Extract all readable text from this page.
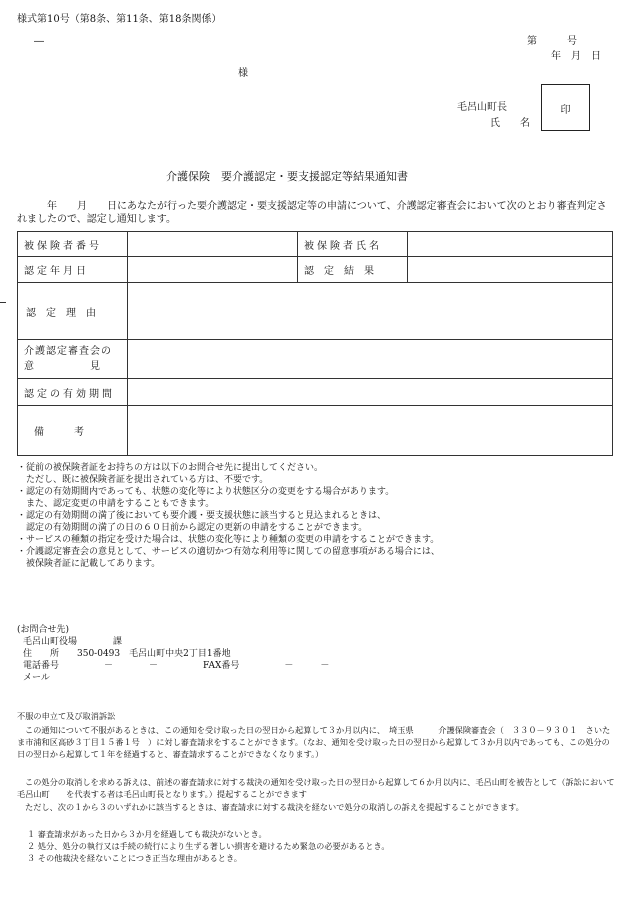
様式第10号（第8条、第11条、第18条関係）
―	第　　　号
年　月　日
様
毛呂山町長
氏　　名
印
介護保険　要介護認定・要支援認定等結果通知書
年　　月　　日にあなたが行った要介護認定・要支援認定等の申請について、介護認定審査会において次のとおり審査判定されましたので、認定し通知します。
被保険者番号		被保険者氏名	
認定年月日		認　定　結　果	
認　定　理　由			

介護認定審査会の
意　　　　　見			

認定の有効期間			
備　　　考			
・従前の被保険者証をお持ちの方は以下のお問合せ先に提出してください。
　ただし、既に被保険者証を提出されている方は、不要です。
・認定の有効期間内であっても、状態の変化等により状態区分の変更をする場合があります。
　また、認定変更の申請をすることもできます。
・認定の有効期間の満了後においても要介護・要支援状態に該当すると見込まれるときは、
　認定の有効期間の満了の日の６０日前から認定の更新の申請をすることができます。
・サービスの種類の指定を受けた場合は、状態の変化等により種類の変更の申請をすることができます。
・介護認定審査会の意見として、サービスの適切かつ有効な利用等に関しての留意事項がある場合には、
　被保険者証に記載してあります。
(お問合せ先)
毛呂山町役場　　　　課
住　　所　　350-0493　毛呂山町中央2丁目1番地
電話番号　　　　　－　　　　－　　　　　FAX番号　　　　　－　　　－
メール
不服の申立て及び取消訴訟
この通知について不服があるときは、この通知を受け取った日の翌日から起算して３か月以内に、　埼玉県　　　介護保険審査会（　３３０－９３０１　さいたま市浦和区高砂３丁目１５番１号　）に対し審査請求をすることができます。（なお、通知を受け取った日の翌日から起算して３か月以内であっても、この処分の日の翌日から起算して１年を経過すると、審査請求することができなくなります。）
この処分の取消しを求める訴えは、前述の審査請求に対する裁決の通知を受け取った日の翌日から起算して６か月以内に、毛呂山町を被告として（訴訟において　毛呂山町　　を代表する者は毛呂山町長となります。）提起することができます
ただし、次の１から３のいずれかに該当するときは、審査請求に対する裁決を経ないで処分の取消しの訴えを提起することができます。
１ 審査請求があった日から３か月を経過しても裁決がないとき。
２ 処分、処分の執行又は手続の続行により生ずる著しい損害を避けるため緊急の必要があるとき。
３ その他裁決を経ないことにつき正当な理由があるとき。
